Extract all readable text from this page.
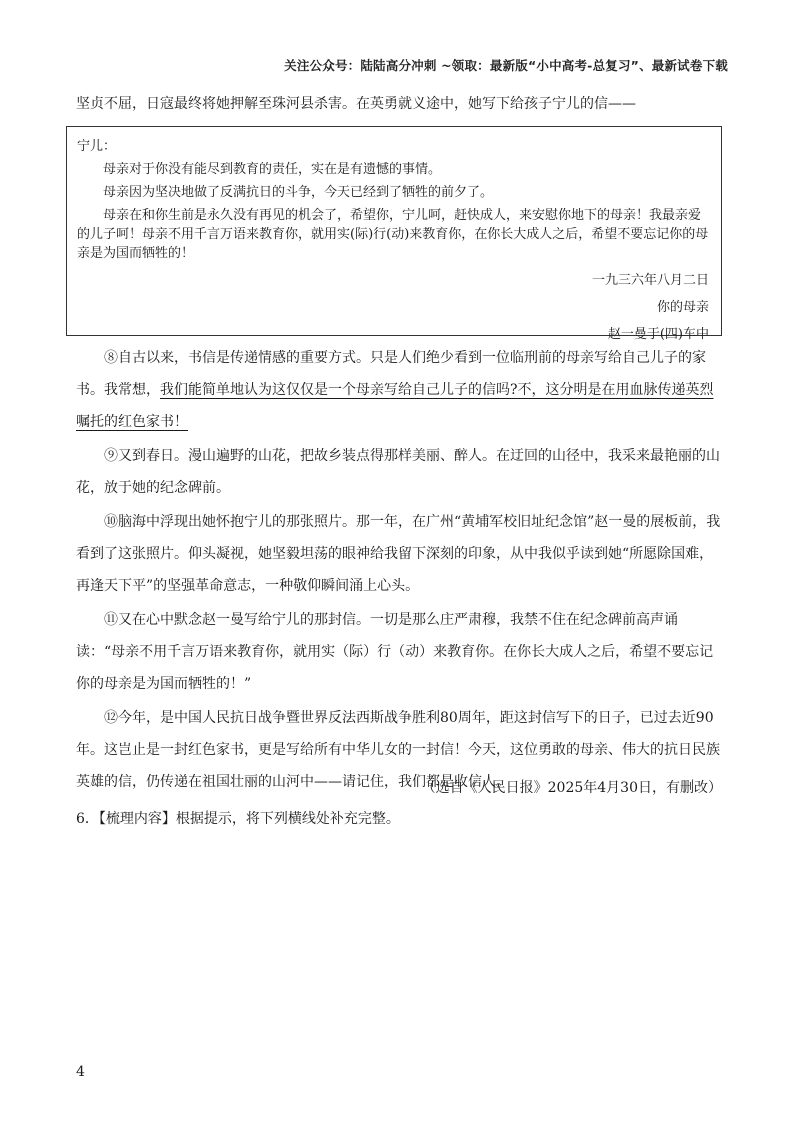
关注公众号：陆陆高分冲刺 ~领取：最新版“小中高考-总复习”、最新试卷下载

坚贞不屈，日寇最终将她押解至珠河县杀害。在英勇就义途中，她写下给孩子宁儿的信——

宁儿：

母亲对于你没有能尽到教育的责任，实在是有遗憾的事情。

母亲因为坚决地做了反满抗日的斗争，今天已经到了牺牲的前夕了。

母亲在和你生前是永久没有再见的机会了，希望你，宁儿呵，赶快成人，来安慰你地下的母亲！我最亲爱的儿子呵！母亲不用千言万语来教育你，就用实(际)行(动)来教育你，在你长大成人之后，希望不要忘记你的母亲是为国而牺牲的！

一九三六年八月二日

你的母亲

赵一曼于(四)车中

⑧自古以来，书信是传递情感的重要方式。只是人们绝少看到一位临刑前的母亲写给自己儿子的家书。我常想，我们能简单地认为这仅仅是一个母亲写给自己儿子的信吗?不，这分明是在用血脉传递英烈嘱托的红色家书！

⑨又到春日。漫山遍野的山花，把故乡装点得那样美丽、醉人。在迂回的山径中，我采来最艳丽的山花，放于她的纪念碑前。

⑩脑海中浮现出她怀抱宁儿的那张照片。那一年，在广州“黄埔军校旧址纪念馆”赵一曼的展板前，我看到了这张照片。仰头凝视，她坚毅坦荡的眼神给我留下深刻的印象，从中我似乎读到她“所愿除国难，再逢天下平”的坚强革命意志，一种敬仰瞬间涌上心头。

⑪又在心中默念赵一曼写给宁儿的那封信。一切是那么庄严肃穆，我禁不住在纪念碑前高声诵读：“母亲不用千言万语来教育你，就用实（际）行（动）来教育你。在你长大成人之后，希望不要忘记你的母亲是为国而牺牲的！”

⑫今年，是中国人民抗日战争暨世界反法西斯战争胜利80周年，距这封信写下的日子，已过去近90年。这岂止是一封红色家书，更是写给所有中华儿女的一封信！今天，这位勇敢的母亲、伟大的抗日民族英雄的信，仍传递在祖国壮丽的山河中——请记住，我们都是收信人。

（选自《人民日报》2025年4月30日，有删改）
6．【梳理内容】根据提示，将下列横线处补充完整。
4
